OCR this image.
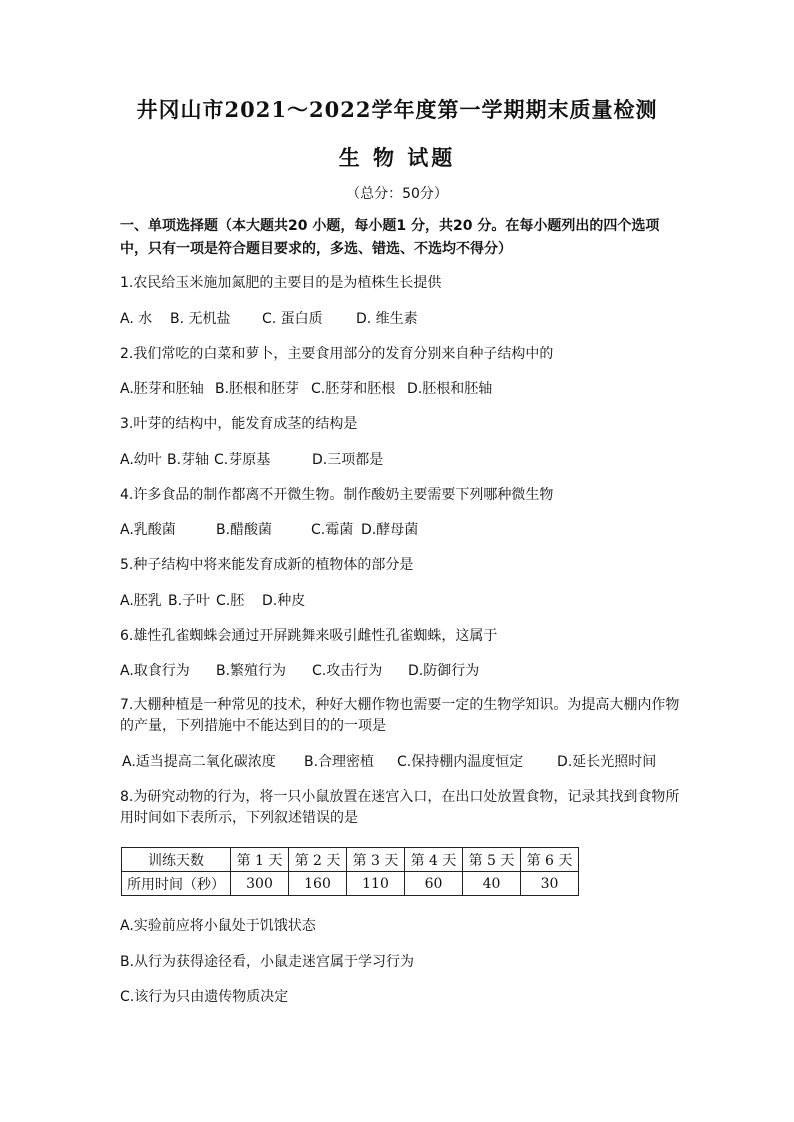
井冈山市2021～2022学年度第一学期期末质量检测
生 物 试题
（总分：50分）
一、单项选择题（本大题共20 小题，每小题1 分，共20 分。在每小题列出的四个选项中，只有一项是符合题目要求的，多选、错选、不选均不得分）
1.农民给玉米施加氮肥的主要目的是为植株生长提供
A. 水 B. 无机盐 C. 蛋白质 D. 维生素
2.我们常吃的白菜和萝卜，主要食用部分的发育分别来自种子结构中的
A.胚芽和胚轴 B.胚根和胚芽 C.胚芽和胚根 D.胚根和胚轴
3.叶芽的结构中，能发育成茎的结构是
A.幼叶 B.芽轴 C.芽原基	D.三项都是
4.许多食品的制作都离不开微生物。制作酸奶主要需要下列哪种微生物
A.乳酸菌	B.醋酸菌	C.霉菌 D.酵母菌
5.种子结构中将来能发育成新的植物体的部分是
A.胚乳 B.子叶 C.胚 D.种皮
6.雄性孔雀蜘蛛会通过开屏跳舞来吸引雌性孔雀蜘蛛，这属于
A.取食行为 B.繁殖行为 C.攻击行为 D.防御行为
7.大棚种植是一种常见的技术，种好大棚作物也需要一定的生物学知识。为提高大棚内作物的产量，下列措施中不能达到目的的一项是
A.适当提高二氧化碳浓度 B.合理密植 C.保持棚内温度恒定 D.延长光照时间
8.为研究动物的行为，将一只小鼠放置在迷宫入口，在出口处放置食物，记录其找到食物所用时间如下表所示，下列叙述错误的是
训练天数	第 1 天	第 2 天	第 3 天	第 4 天	第 5 天	第 6 天
所用时间（秒）	300	160	110	60	40	30
A.实验前应将小鼠处于饥饿状态
B.从行为获得途径看，小鼠走迷宫属于学习行为
C.该行为只由遗传物质决定
